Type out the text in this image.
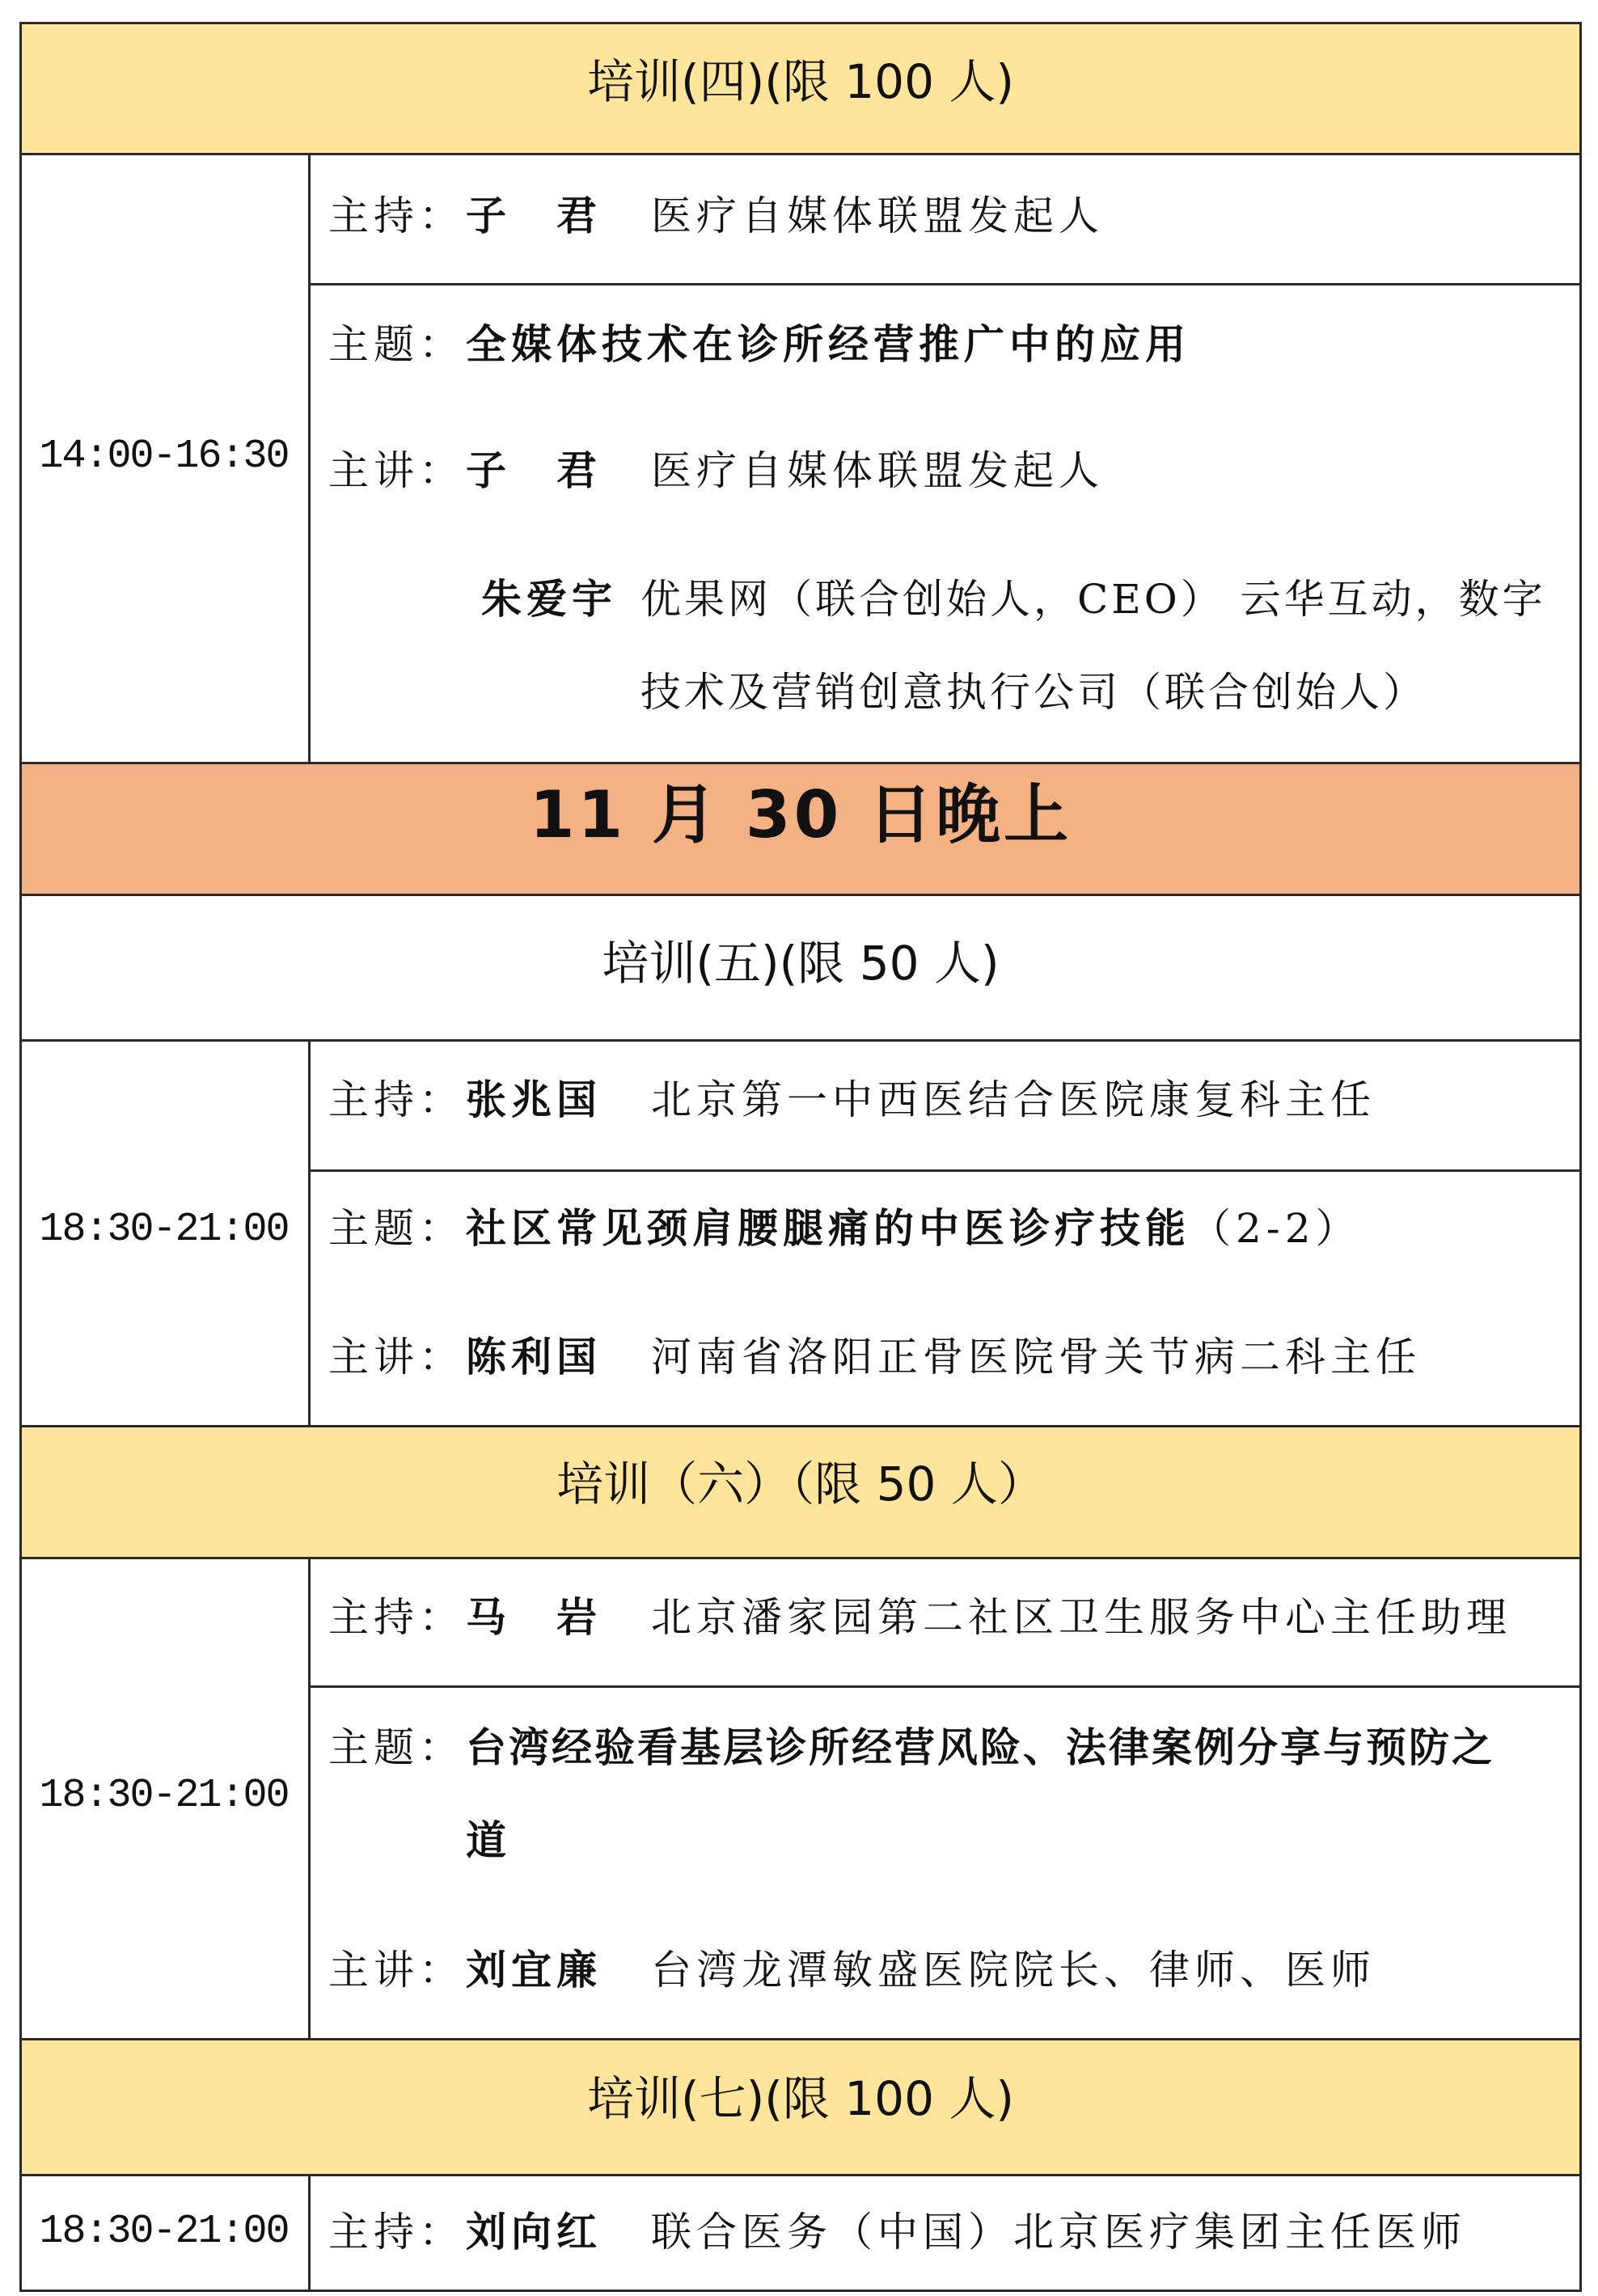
培训(四)(限 100 人)
14:00-16:30
主持： 子　君 医疗自媒体联盟发起人
主题： 全媒体技术在诊所经营推广中的应用
主讲： 子　君 医疗自媒体联盟发起人
朱爱宇 优果网（联合创始人，CEO） 云华互动，数字
技术及营销创意执行公司（联合创始人）
11 月 30 日晚上
培训(五)(限 50 人)
18:30-21:00
主持： 张兆国 北京第一中西医结合医院康复科主任
主题： 社区常见颈肩腰腿痛的中医诊疗技能（2-2）
主讲： 陈利国 河南省洛阳正骨医院骨关节病二科主任
培训（六）（限 50 人）
18:30-21:00
主持： 马　岩 北京潘家园第二社区卫生服务中心主任助理
主题： 台湾经验看基层诊所经营风险、法律案例分享与预防之
道
主讲： 刘宜廉 台湾龙潭敏盛医院院长、律师、医师
培训(七)(限 100 人)
18:30-21:00 主持： 刘向红 联合医务（中国）北京医疗集团主任医师
